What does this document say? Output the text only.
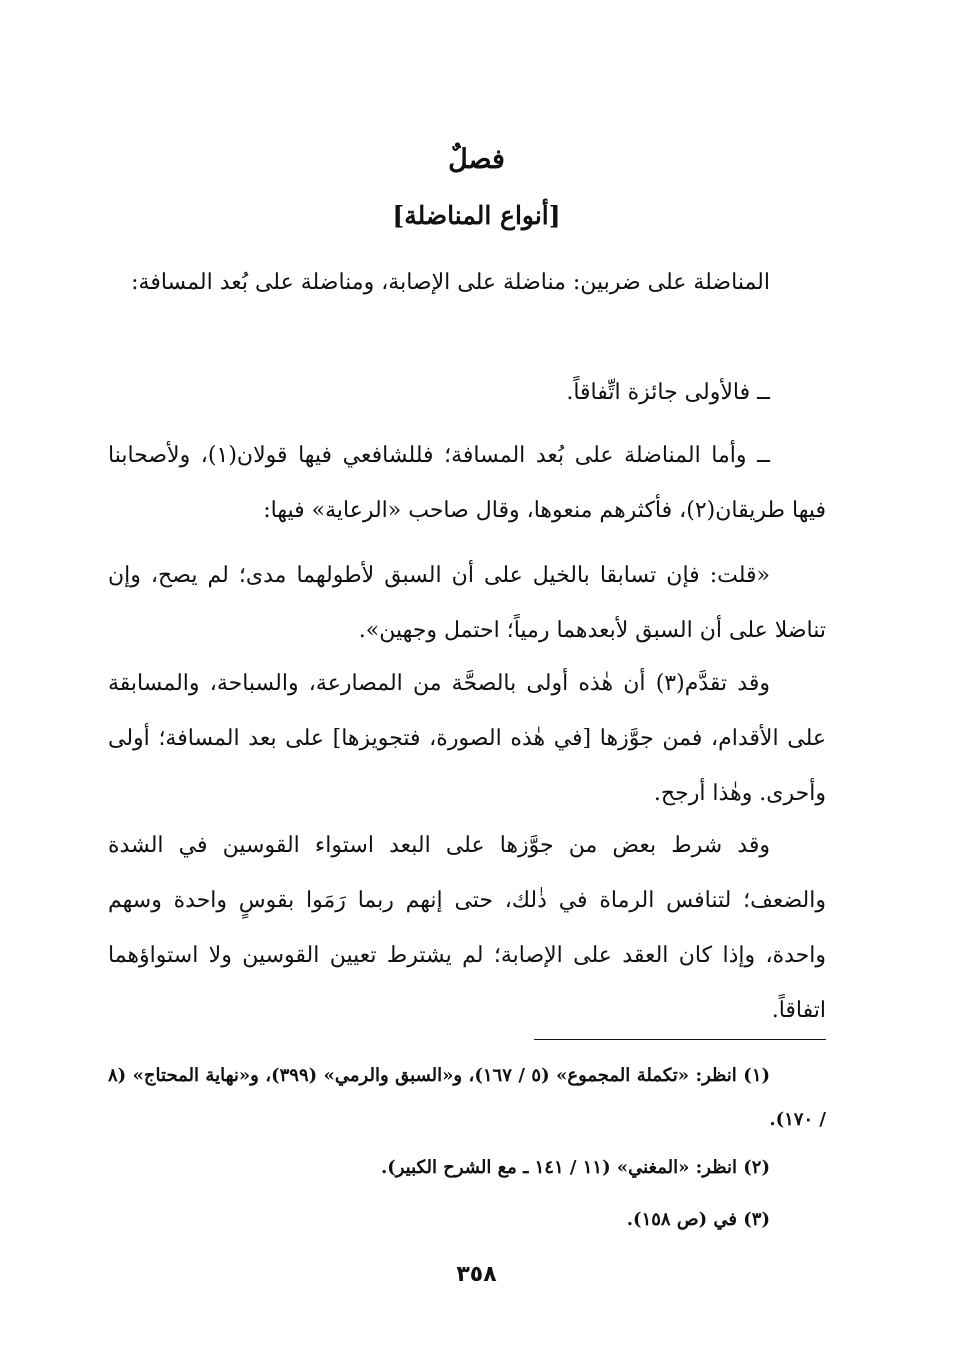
فصلٌ
[أنواع المناضلة]

المناضلة على ضربين: مناضلة على الإصابة، ومناضلة على بُعد المسافة:

ــ فالأولى جائزة اتِّفاقاً.

ــ وأما المناضلة على بُعد المسافة؛ فللشافعي فيها قولان(١)، ولأصحابنا فيها طريقان(٢)، فأكثرهم منعوها، وقال صاحب «الرعاية» فيها:

«قلت: فإن تسابقا بالخيل على أن السبق لأطولهما مدى؛ لم يصح، وإن تناضلا على أن السبق لأبعدهما رمياً؛ احتمل وجهين».

وقد تقدَّم(٣) أن هٰذه أولى بالصحَّة من المصارعة، والسباحة، والمسابقة على الأقدام، فمن جوَّزها [في هٰذه الصورة، فتجويزها] على بعد المسافة؛ أولى وأحرى. وهٰذا أرجح.

وقد شرط بعض من جوَّزها على البعد استواء القوسين في الشدة والضعف؛ لتنافس الرماة في ذٰلك، حتى إنهم ربما رَمَوا بقوسٍ واحدة وسهم واحدة، وإذا كان العقد على الإصابة؛ لم يشترط تعيين القوسين ولا استواؤهما اتفاقاً.

(١) انظر: «تكملة المجموع» (٥ / ١٦٧)، و«السبق والرمي» (٣٩٩)، و«نهاية المحتاج» (٨ / ١٧٠).
(٢) انظر: «المغني» (١١ / ١٤١ ـ مع الشرح الكبير).
(٣) في (ص ١٥٨).
٣٥٨
